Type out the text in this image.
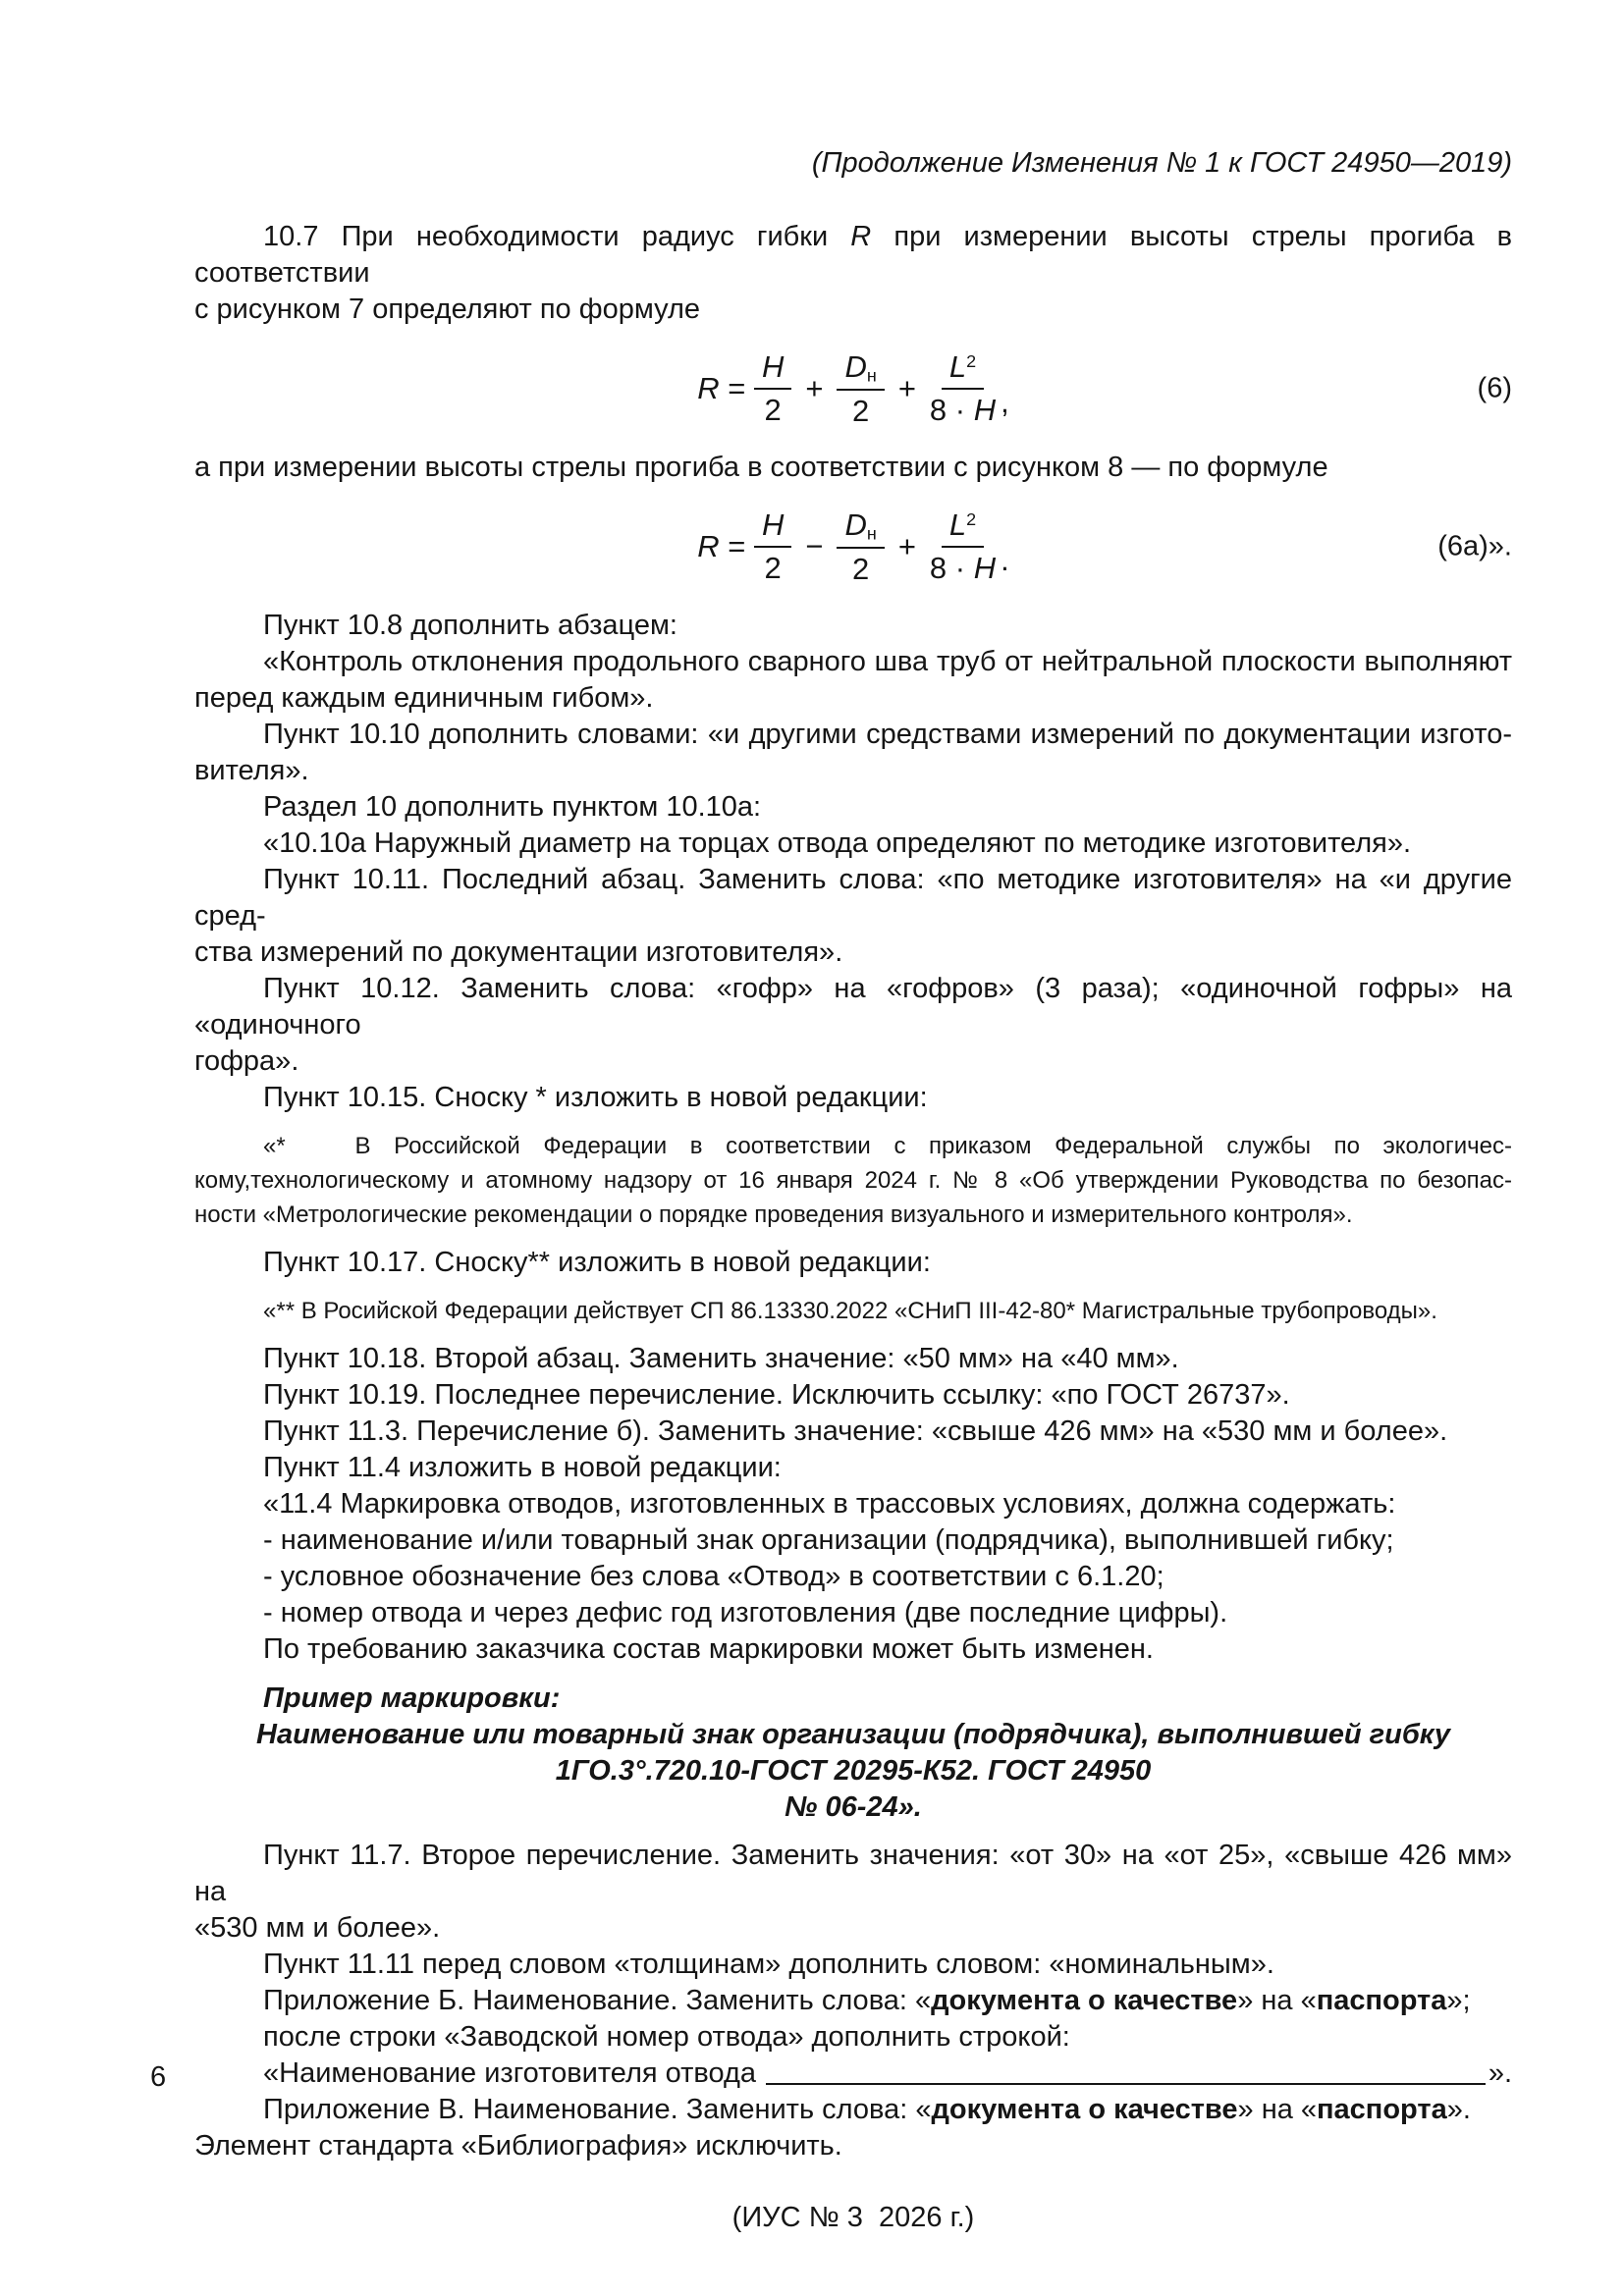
(Продолжение Изменения № 1 к ГОСТ 24950—2019)
10.7 При необходимости радиус гибки R при измерении высоты стрелы прогиба в соответствии
с рисунком 7 определяют по формуле
$R = \frac{H}{2} + \frac{Dн}{2} + \frac{L^2}{8 \cdot H}$ ,	(6)
а при измерении высоты стрелы прогиба в соответствии с рисунком 8 — по формуле
$R = \frac{H}{2} - \frac{Dн}{2} + \frac{L^2}{8 \cdot H}$ .	(6а)».
Пункт 10.8 дополнить абзацем:
«Контроль отклонения продольного сварного шва труб от нейтральной плоскости выполняют
перед каждым единичным гибом».
Пункт 10.10 дополнить словами: «и другими средствами измерений по документации изгото-
вителя».
Раздел 10 дополнить пунктом 10.10а:
«10.10а Наружный диаметр на торцах отвода определяют по методике изготовителя».
Пункт 10.11. Последний абзац. Заменить слова: «по методике изготовителя» на «и другие сред-
ства измерений по документации изготовителя».
Пункт 10.12. Заменить слова: «гофр» на «гофров» (3 раза); «одиночной гофры» на «одиночного
гофра».
Пункт 10.15. Сноску * изложить в новой редакции:
«*   В Российской Федерации в соответствии с приказом Федеральной службы по экологичес-
кому,технологическому и атомному надзору от 16 января 2024 г. № 8 «Об утверждении Руководства по безопас-
ности «Метрологические рекомендации о порядке проведения визуального и измерительного контроля».
Пункт 10.17. Сноску** изложить в новой редакции:
«** В Росийской Федерации действует СП 86.13330.2022 «СНиП III-42-80* Магистральные трубопроводы».
Пункт 10.18. Второй абзац. Заменить значение: «50 мм» на «40 мм».
Пункт 10.19. Последнее перечисление. Исключить ссылку: «по ГОСТ 26737».
Пункт 11.3. Перечисление б). Заменить значение: «свыше 426 мм» на «530 мм и более».
Пункт 11.4 изложить в новой редакции:
«11.4 Маркировка отводов, изготовленных в трассовых условиях, должна содержать:
- наименование и/или товарный знак организации (подрядчика), выполнившей гибку;
- условное обозначение без слова «Отвод» в соответствии с 6.1.20;
- номер отвода и через дефис год изготовления (две последние цифры).
По требованию заказчика состав маркировки может быть изменен.
Пример маркировки:
Наименование или товарный знак организации (подрядчика), выполнившей гибку
1ГО.3°.720.10-ГОСТ 20295-К52. ГОСТ 24950
№ 06-24».
Пункт 11.7. Второе перечисление. Заменить значения: «от 30» на «от 25», «свыше 426 мм» на
«530 мм и более».
Пункт 11.11 перед словом «толщинам» дополнить словом: «номинальным».
Приложение Б. Наименование. Заменить слова: «документа о качестве» на «паспорта»;
после строки «Заводской номер отвода» дополнить строкой:
«Наименование изготовителя отвода	».
Приложение В. Наименование. Заменить слова: «документа о качестве» на «паспорта».
Элемент стандарта «Библиография» исключить.
(ИУС № 3  2026 г.)
6
